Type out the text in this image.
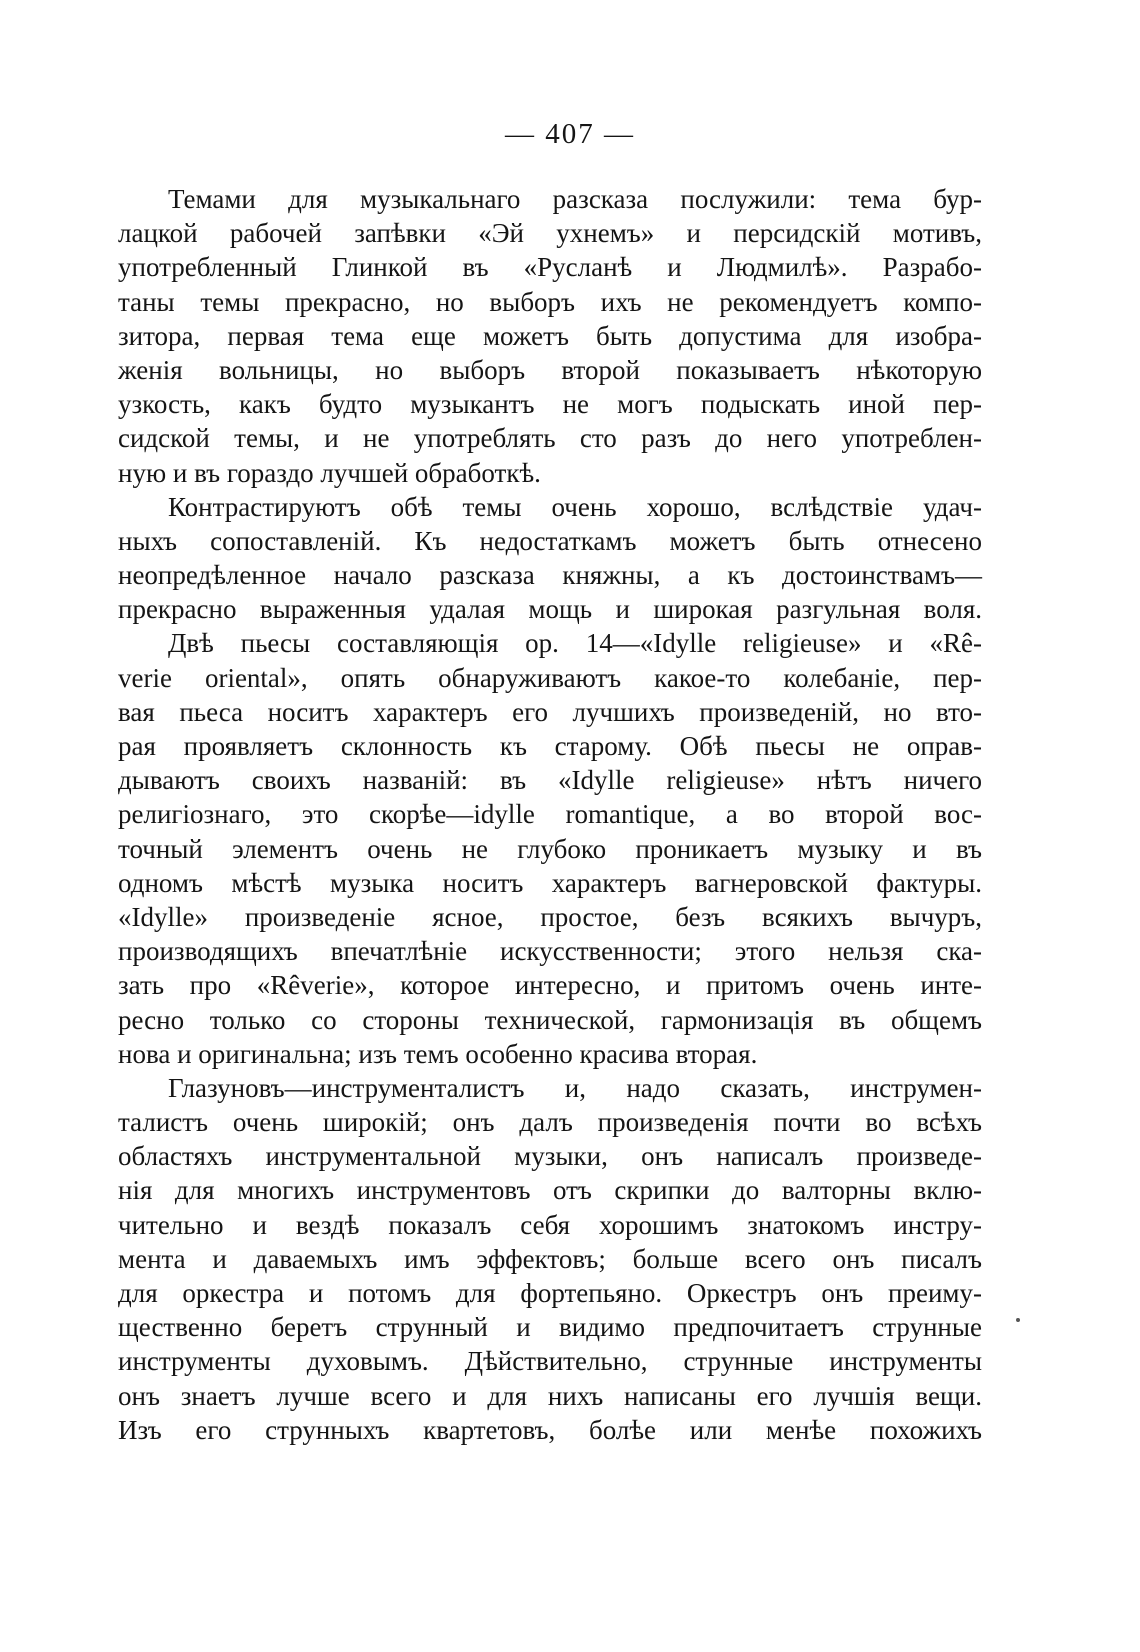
— 407 —
Темами для музыкальнаго разсказа послужили: тема бур-
лацкой рабочей запѣвки «Эй ухнемъ» и персидскій мотивъ,
употребленный Глинкой въ «Русланѣ и Людмилѣ». Разрабо-
таны темы прекрасно, но выборъ ихъ не рекомендуетъ компо-
зитора, первая тема еще можетъ быть допустима для изобра-
женія вольницы, но выборъ второй показываетъ нѣкоторую
узкость, какъ будто музыкантъ не могъ подыскать иной пер-
сидской темы, и не употреблять сто разъ до него употреблен-
ную и въ гораздо лучшей обработкѣ.
Контрастируютъ обѣ темы очень хорошо, вслѣдствіе удач-
ныхъ сопоставленій. Къ недостаткамъ можетъ быть отнесено
неопредѣленное начало разсказа княжны, а къ достоинствамъ—
прекрасно выраженныя удалая мощь и широкая разгульная воля.
Двѣ пьесы составляющія ор. 14—«Idylle religieuse» и «Rê-
verie oriental», опять обнаруживаютъ какое-то колебаніе, пер-
вая пьеса носитъ характеръ его лучшихъ произведеній, но вто-
рая проявляетъ склонность къ старому. Обѣ пьесы не оправ-
дываютъ своихъ названій: въ «Idylle religieuse» нѣтъ ничего
религіознаго, это скорѣе—idylle romantique, а во второй вос-
точный элементъ очень не глубоко проникаетъ музыку и въ
одномъ мѣстѣ музыка носитъ характеръ вагнеровской фактуры.
«Idylle» произведеніе ясное, простое, безъ всякихъ вычуръ,
производящихъ впечатлѣніе искусственности; этого нельзя ска-
зать про «Rêverie», которое интересно, и притомъ очень инте-
ресно только со стороны технической, гармонизація въ общемъ
нова и оригинальна; изъ темъ особенно красива вторая.
Глазуновъ—инструменталистъ и, надо сказать, инструмен-
талистъ очень широкій; онъ далъ произведенія почти во всѣхъ
областяхъ инструментальной музыки, онъ написалъ произведе-
нія для многихъ инструментовъ отъ скрипки до валторны вклю-
чительно и вездѣ показалъ себя хорошимъ знатокомъ инстру-
мента и даваемыхъ имъ эффектовъ; больше всего онъ писалъ
для оркестра и потомъ для фортепьяно. Оркестръ онъ преиму-
щественно беретъ струнный и видимо предпочитаетъ струнные
инструменты духовымъ. Дѣйствительно, струнные инструменты
онъ знаетъ лучше всего и для нихъ написаны его лучшія вещи.
Изъ его струнныхъ квартетовъ, болѣе или менѣе похожихъ
